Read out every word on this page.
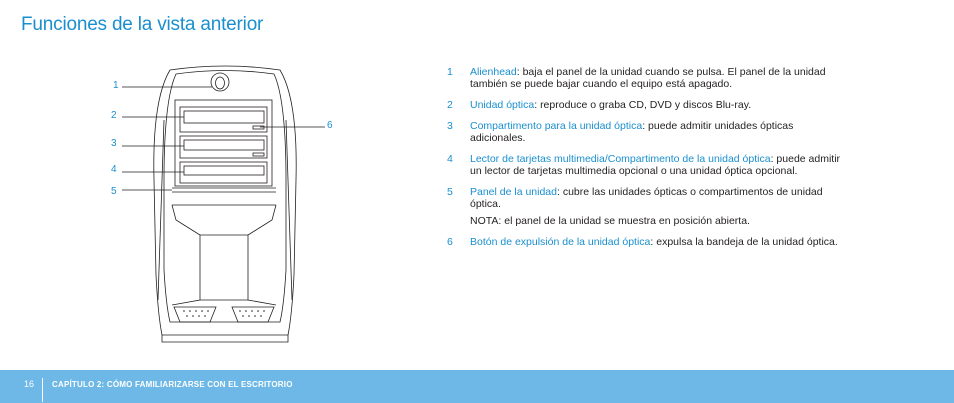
Funciones de la vista anterior
1
2
3
4
5
6
1	Alienhead: baja el panel de la unidad cuando se pulsa. El panel de la unidad también se puede bajar cuando el equipo está apagado.
2	Unidad óptica: reproduce o graba CD, DVD y discos Blu-ray.
3	Compartimento para la unidad óptica: puede admitir unidades ópticas adicionales.
4	Lector de tarjetas multimedia/Compartimento de la unidad óptica: puede admitir un lector de tarjetas multimedia opcional o una unidad óptica opcional.
5	Panel de la unidad: cubre las unidades ópticas o compartimentos de unidad óptica.
NOTA: el panel de la unidad se muestra en posición abierta.
6	Botón de expulsión de la unidad óptica: expulsa la bandeja de la unidad óptica.
16 CAPÍTULO 2: CÓMO FAMILIARIZARSE CON EL ESCRITORIO
